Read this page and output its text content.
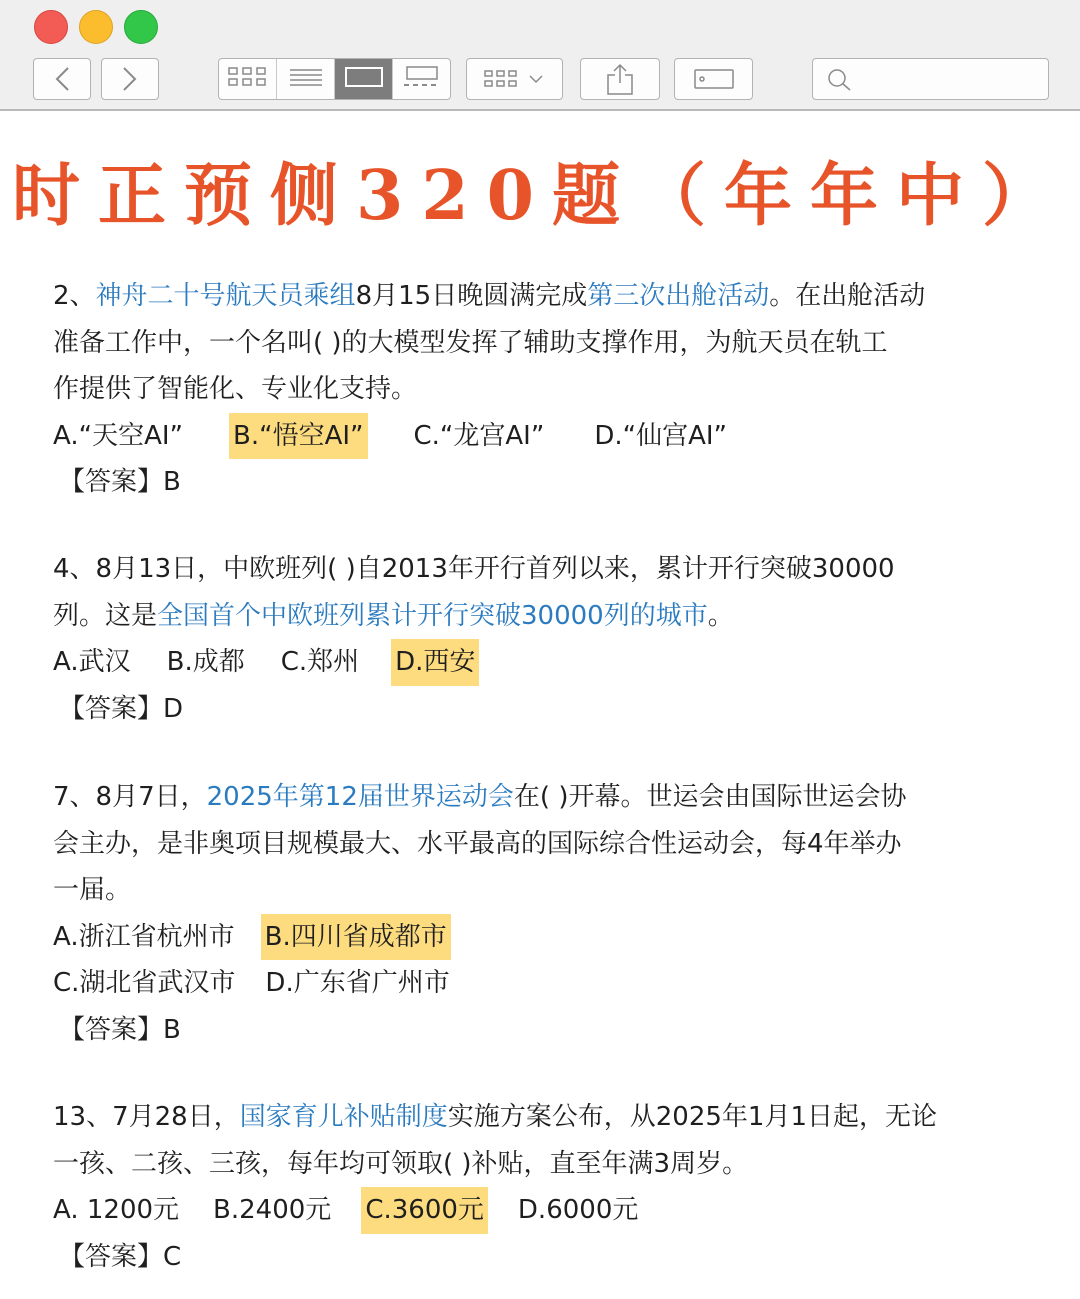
时正预侧320题（年年中）
2、神舟二十号航天员乘组8月15日晚圆满完成第三次出舱活动。在出舱活动
准备工作中，一个名叫( )的大模型发挥了辅助支撑作用，为航天员在轨工
作提供了智能化、专业化支持。
A.“天空AI” B.“悟空AI” C.“龙宫AI” D.“仙宫AI”
【答案】B
4、8月13日，中欧班列( )自2013年开行首列以来，累计开行突破30000
列。这是全国首个中欧班列累计开行突破30000列的城市。
A.武汉 B.成都 C.郑州 D.西安
【答案】D
7、8月7日，2025年第12届世界运动会在( )开幕。世运会由国际世运会协
会主办，是非奥项目规模最大、水平最高的国际综合性运动会，每4年举办
一届。
A.浙江省杭州市 B.四川省成都市
C.湖北省武汉市 D.广东省广州市
【答案】B
13、7月28日，国家育儿补贴制度实施方案公布，从2025年1月1日起，无论
一孩、二孩、三孩，每年均可领取( )补贴，直至年满3周岁。
A. 1200元 B.2400元 C.3600元 D.6000元
【答案】C
